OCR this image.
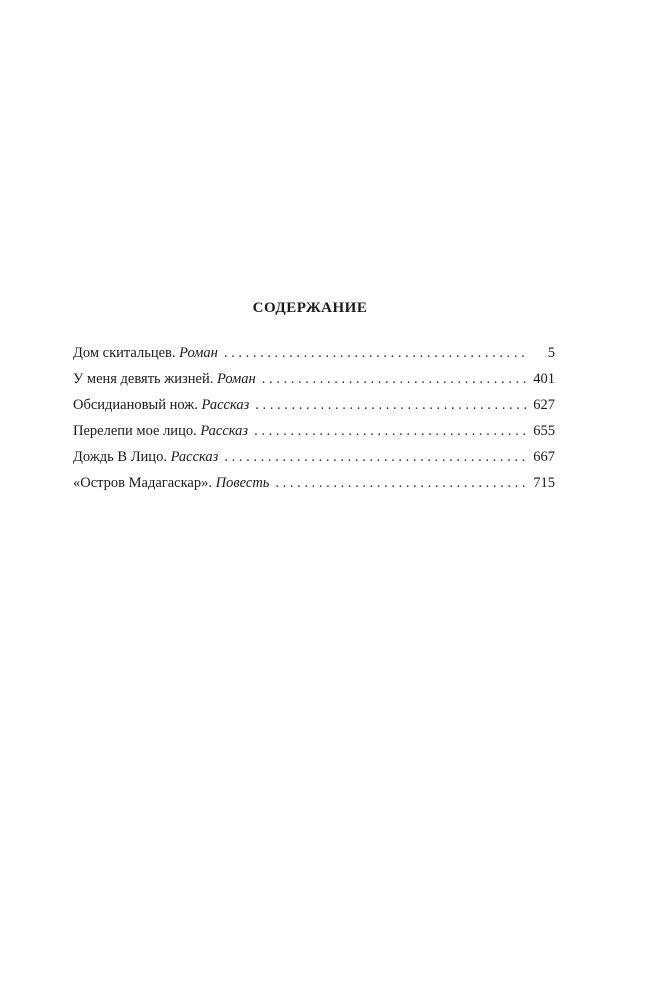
СОДЕРЖАНИЕ
Дом скитальцев. Роман . . .	5
У меня девять жизней. Роман . . .	401
Обсидиановый нож. Рассказ . . .	627
Перелепи мое лицо. Рассказ . . .	655
Дождь В Лицо. Рассказ . . .	667
«Остров Мадагаскар». Повесть . . .	715
